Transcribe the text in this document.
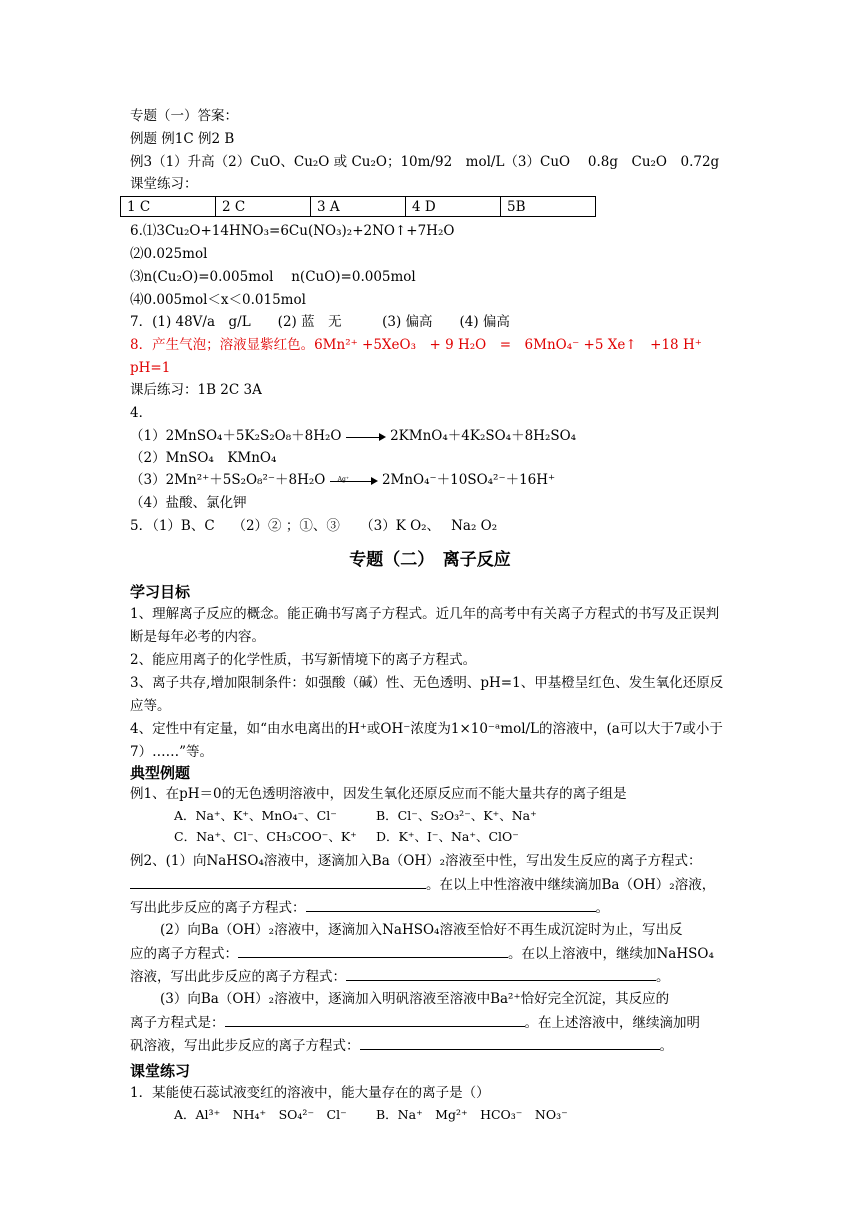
专题（一）答案：
例题 例1C 例2 B
例3（1）升高（2）CuO、Cu₂O 或 Cu₂O；10m/92　mol/L（3）CuO　 0.8g　Cu₂O　0.72g
课堂练习：
1 C	2 C	3 A	4 D	5B
6.⑴3Cu₂O+14HNO₃=6Cu(NO₃)₂+2NO↑+7H₂O
⑵0.025mol
⑶n(Cu₂O)=0.005mol　 n(CuO)=0.005mol
⑷0.005mol＜x＜0.015mol
7．(1) 48V/a　g/L　　(2) 蓝　无　　　(3) 偏高　　(4) 偏高
8．产生气泡；溶液显紫红色。6Mn²⁺ +5XeO₃　+ 9 H₂O　=　6MnO₄⁻ +5 Xe↑　+18 H⁺
pH=1
课后练习：1B 2C 3A
4．
（1）2MnSO₄＋5K₂S₂O₈＋8H₂O	2KMnO₄＋4K₂SO₄＋8H₂SO₄
（2）MnSO₄　KMnO₄
（3）2Mn²⁺＋5S₂O₈²⁻＋8H₂O Ag⁺ 2MnO₄⁻＋10SO₄²⁻＋16H⁺
（4）盐酸、氯化钾
5．（1）B、C　 （2）② ；①、③　　（3）K O₂、　 Na₂ O₂
专题（二）　离子反应
学习目标
1、理解离子反应的概念。能正确书写离子方程式。近几年的高考中有关离子方程式的书写及正误判断是每年必考的内容。
2、能应用离子的化学性质，书写新情境下的离子方程式。
3、离子共存,增加限制条件：如强酸（碱）性、无色透明、pH=1、甲基橙呈红色、发生氧化还原反应等。
4、定性中有定量，如“由水电离出的H⁺或OH⁻浓度为1×10⁻ᵃmol/L的溶液中，(a可以大于7或小于7）……”等。
典型例题
例1、在pH＝0的无色透明溶液中，因发生氧化还原反应而不能大量共存的离子组是
A．Na⁺、K⁺、MnO₄⁻、Cl⁻	B．Cl⁻、S₂O₃²⁻、K⁺、Na⁺
C．Na⁺、Cl⁻、CH₃COO⁻、K⁺ D．K⁺、I⁻、Na⁺、ClO⁻
例2、(1）向NaHSO₄溶液中，逐滴加入Ba（OH）₂溶液至中性，写出发生反应的离子方程式：
。在以上中性溶液中继续滴加Ba（OH）₂溶液，
写出此步反应的离子方程式：	。
(2）向Ba（OH）₂溶液中，逐滴加入NaHSO₄溶液至恰好不再生成沉淀时为止，写出反
应的离子方程式：	。在以上溶液中，继续加NaHSO₄
溶液，写出此步反应的离子方程式：	。
(3）向Ba（OH）₂溶液中，逐滴加入明矾溶液至溶液中Ba²⁺恰好完全沉淀，其反应的
离子方程式是：	。在上述溶液中，继续滴加明
矾溶液，写出此步反应的离子方程式：	。
课堂练习
1．某能使石蕊试液变红的溶液中，能大量存在的离子是（）
A．Al³⁺　NH₄⁺　SO₄²⁻　Cl⁻ B．Na⁺　Mg²⁺　HCO₃⁻　NO₃⁻
